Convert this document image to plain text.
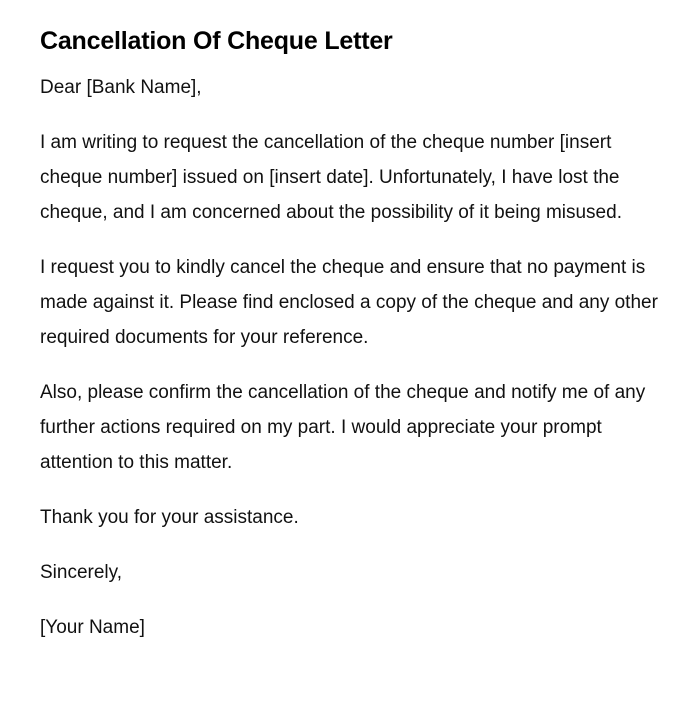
Cancellation Of Cheque Letter

Dear [Bank Name],

I am writing to request the cancellation of the cheque number [insert cheque number] issued on [insert date]. Unfortunately, I have lost the cheque, and I am concerned about the possibility of it being misused.

I request you to kindly cancel the cheque and ensure that no payment is made against it. Please find enclosed a copy of the cheque and any other required documents for your reference.

Also, please confirm the cancellation of the cheque and notify me of any further actions required on my part. I would appreciate your prompt attention to this matter.

Thank you for your assistance.

Sincerely,

[Your Name]
